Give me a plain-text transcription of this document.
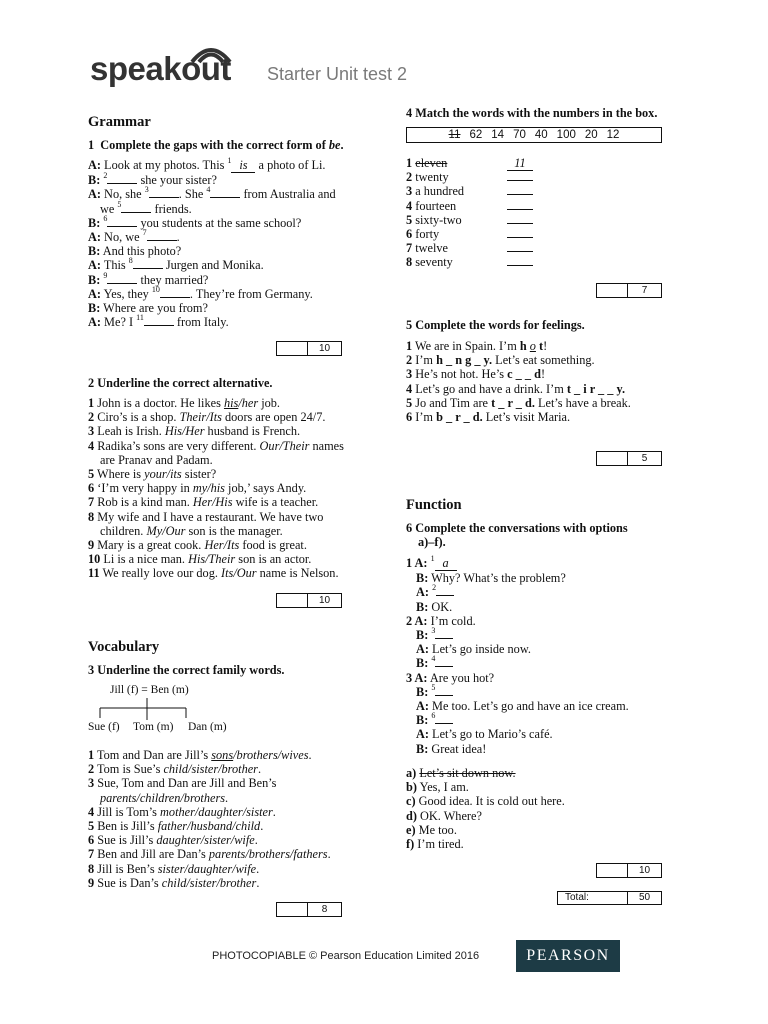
speakout Starter Unit test 2
Grammar
1  Complete the gaps with the correct form of be.
A: Look at my photos. This $^1$ is a photo of Li.
B: $^2$ she your sister?
A: No, she $^3$ . She $^4$ from Australia and
we $^5$ friends.
B: $^6$ you students at the same school?
A: No, we $^7$ .
B: And this photo?
A: This $^8$ Jurgen and Monika.
B: $^9$ they married?
A: Yes, they $^{10}$ . They’re from Germany.
B: Where are you from?
A: Me? I $^{11}$ from Italy.
10
2 Underline the correct alternative.
1 John is a doctor. He likes his/her job.
2 Ciro’s is a shop. Their/Its doors are open 24/7.
3 Leah is Irish. His/Her husband is French.
4 Radika’s sons are very different. Our/Their names
are Pranav and Padam.
5 Where is your/its sister?
6 ‘I’m very happy in my/his job,’ says Andy.
7 Rob is a kind man. Her/His wife is a teacher.
8 My wife and I have a restaurant. We have two
children. My/Our son is the manager.
9 Mary is a great cook. Her/Its food is great.
10 Li is a nice man. His/Their son is an actor.
11 We really love our dog. Its/Our name is Nelson.
10
Vocabulary
3 Underline the correct family words.
Jill (f) = Ben (m)
Sue (f) Tom (m) Dan (m)
1 Tom and Dan are Jill’s sons/brothers/wives.
2 Tom is Sue’s child/sister/brother.
3 Sue, Tom and Dan are Jill and Ben’s
parents/children/brothers.
4 Jill is Tom’s mother/daughter/sister.
5 Ben is Jill’s father/husband/child.
6 Sue is Jill’s daughter/sister/wife.
7 Ben and Jill are Dan’s parents/brothers/fathers.
8 Jill is Ben’s sister/daughter/wife.
9 Sue is Dan’s child/sister/brother.
8
4 Match the words with the numbers in the box.
11 62 14 70 40 100 20 12
1 eleven	11
2 twenty
3 a hundred
4 fourteen
5 sixty-two
6 forty
7 twelve
8 seventy
7
5 Complete the words for feelings.
1 We are in Spain. I’m h o t!
2 I’m h _ n g _ y. Let’s eat something.
3 He’s not hot. He’s c _ _ d!
4 Let’s go and have a drink. I’m t _ i r _ _ y.
5 Jo and Tim are t _ r _ d. Let’s have a break.
6 I’m b _ r _ d. Let’s visit Maria.
5
Function
6 Complete the conversations with options
a)–f).
1 A: $^1$ a
B: Why? What’s the problem?
A: $^2$
B: OK.
2 A: I’m cold.
B: $^3$
A: Let’s go inside now.
B: $^4$
3 A: Are you hot?
B: $^5$
A: Me too. Let’s go and have an ice cream.
B: $^6$
A: Let’s go to Mario’s café.
B: Great idea!
a) Let’s sit down now.
b) Yes, I am.
c) Good idea. It is cold out here.
d) OK. Where?
e) Me too.
f) I’m tired.
10
Total:	50
PHOTOCOPIABLE © Pearson Education Limited 2016	PEARSON
